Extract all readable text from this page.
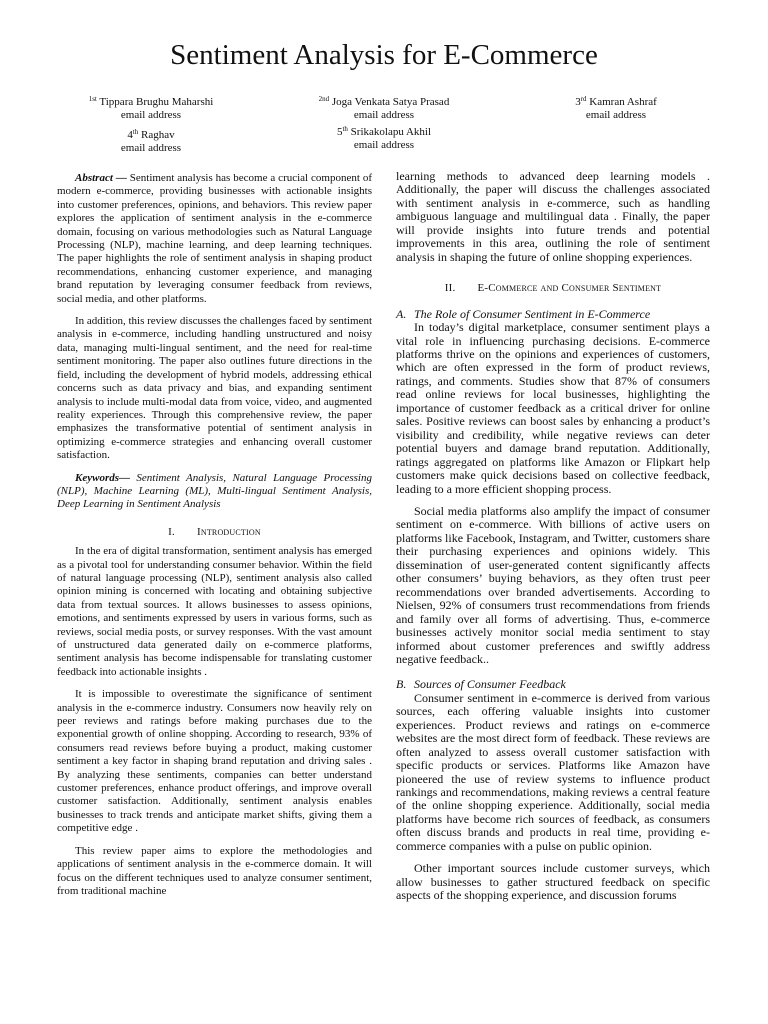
Sentiment Analysis for E-Commerce
$^{1st}$ Tippara Brughu Maharshi
email address
$^{2nd}$ Joga Venkata Satya Prasad
email address
3rd Kamran Ashraf
email address
4th Raghav
email address
5th Srikakolapu Akhil
email address

Abstract — Sentiment analysis has become a crucial component of modern e-commerce, providing businesses with actionable insights into customer preferences, opinions, and behaviors. This review paper explores the application of sentiment analysis in the e-commerce domain, focusing on various methodologies such as Natural Language Processing (NLP), machine learning, and deep learning techniques. The paper highlights the role of sentiment analysis in shaping product recommendations, enhancing customer experience, and managing brand reputation by leveraging consumer feedback from reviews, social media, and other platforms.

In addition, this review discusses the challenges faced by sentiment analysis in e-commerce, including handling unstructured and noisy data, managing multi-lingual sentiment, and the need for real-time sentiment monitoring. The paper also outlines future directions in the field, including the development of hybrid models, addressing ethical concerns such as data privacy and bias, and expanding sentiment analysis to include multi-modal data from voice, video, and augmented reality experiences. Through this comprehensive review, the paper emphasizes the transformative potential of sentiment analysis in optimizing e-commerce strategies and enhancing overall customer satisfaction.

Keywords— Sentiment Analysis, Natural Language Processing (NLP), Machine Learning (ML), Multi-lingual Sentiment Analysis, Deep Learning in Sentiment Analysis

I. Introduction

In the era of digital transformation, sentiment analysis has emerged as a pivotal tool for understanding consumer behavior. Within the field of natural language processing (NLP), sentiment analysis also called opinion mining is concerned with locating and obtaining subjective data from textual sources. It allows businesses to assess opinions, emotions, and sentiments expressed by users in various forms, such as reviews, social media posts, or survey responses. With the vast amount of unstructured data generated daily on e-commerce platforms, sentiment analysis has become indispensable for translating customer feedback into actionable insights .

It is impossible to overestimate the significance of sentiment analysis in the e-commerce industry. Consumers now heavily rely on peer reviews and ratings before making purchases due to the exponential growth of online shopping. According to research, 93% of consumers read reviews before buying a product, making customer sentiment a key factor in shaping brand reputation and driving sales . By analyzing these sentiments, companies can better understand customer preferences, enhance product offerings, and improve overall customer satisfaction. Additionally, sentiment analysis enables businesses to track trends and anticipate market shifts, giving them a competitive edge .

This review paper aims to explore the methodologies and applications of sentiment analysis in the e-commerce domain. It will focus on the different techniques used to analyze consumer sentiment, from traditional machine

learning methods to advanced deep learning models . Additionally, the paper will discuss the challenges associated with sentiment analysis in e-commerce, such as handling ambiguous language and multilingual data . Finally, the paper will provide insights into future trends and potential improvements in this area, outlining the role of sentiment analysis in shaping the future of online shopping experiences.

II. E-Commerce and Consumer Sentiment

A. The Role of Consumer Sentiment in E-Commerce

In today’s digital marketplace, consumer sentiment plays a vital role in influencing purchasing decisions. E-commerce platforms thrive on the opinions and experiences of customers, which are often expressed in the form of product reviews, ratings, and comments. Studies show that 87% of consumers read online reviews for local businesses, highlighting the importance of customer feedback as a critical driver for online sales. Positive reviews can boost sales by enhancing a product’s visibility and credibility, while negative reviews can deter potential buyers and damage brand reputation. Additionally, ratings aggregated on platforms like Amazon or Flipkart help customers make quick decisions based on collective feedback, leading to a more efficient shopping process.

Social media platforms also amplify the impact of consumer sentiment on e-commerce. With billions of active users on platforms like Facebook, Instagram, and Twitter, customers share their purchasing experiences and opinions widely. This dissemination of user-generated content significantly affects other consumers’ buying behaviors, as they often trust peer recommendations over branded advertisements. According to Nielsen, 92% of consumers trust recommendations from friends and family over all forms of advertising. Thus, e-commerce businesses actively monitor social media sentiment to stay informed about customer preferences and swiftly address negative feedback..

B. Sources of Consumer Feedback

Consumer sentiment in e-commerce is derived from various sources, each offering valuable insights into customer experiences. Product reviews and ratings on e-commerce websites are the most direct form of feedback. These reviews are often analyzed to assess overall customer satisfaction with specific products or services. Platforms like Amazon have pioneered the use of review systems to influence product rankings and recommendations, making reviews a central feature of the online shopping experience. Additionally, social media platforms have become rich sources of feedback, as consumers often discuss brands and products in real time, providing e-commerce companies with a pulse on public opinion.

Other important sources include customer surveys, which allow businesses to gather structured feedback on specific aspects of the shopping experience, and discussion forums
